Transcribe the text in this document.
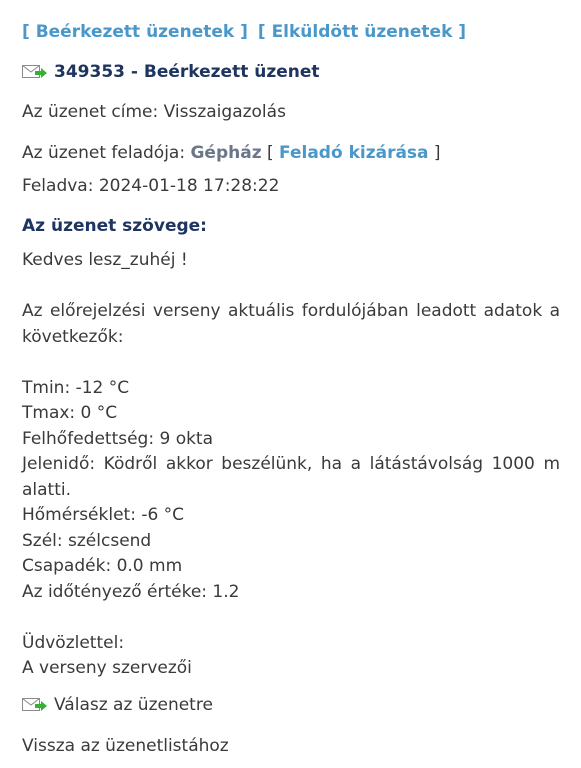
[ Beérkezett üzenetek ] [ Elküldött üzenetek ]
349353 - Beérkezett üzenet
Az üzenet címe: Visszaigazolás
Az üzenet feladója: Gépház [ Feladó kizárása ]
Feladva: 2024-01-18 17:28:22
Az üzenet szövege:

Kedves lesz_zuhéj !

Az előrejelzési verseny aktuális fordulójában leadott adatok a következők:

Tmin: -12 °C

Tmax: 0 °C

Felhőfedettség: 9 okta

Jelenidő: Ködről akkor beszélünk, ha a látástávolság 1000 m alatti.

Hőmérséklet: -6 °C

Szél: szélcsend

Csapadék: 0.0 mm

Az időtényező értéke: 1.2

Üdvözlettel:

A verseny szervezői

Válasz az üzenetre
Vissza az üzenetlistához
